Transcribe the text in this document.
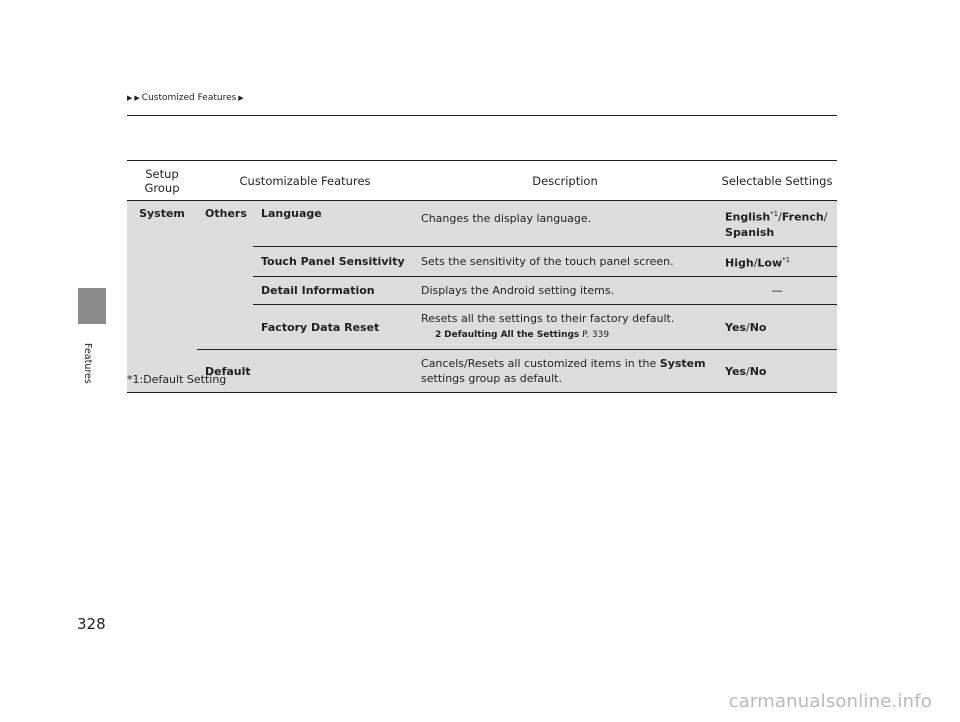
Features
▶ ▶ Customized Features ▶
Setup
Group	Customizable Features		Description	Selectable Settings
System	Others	Language	Changes the display language.	English$^{*1}$/French/
Spanish
		Touch Panel Sensitivity	Sets the sensitivity of the touch panel screen.	High/Low$^{*1}$
		Detail Information	Displays the Android setting items.	—
		Factory Data Reset	Resets all the settings to their factory default.
2 Defaulting All the Settings P. 339	Yes/No
	Default		Cancels/Resets all customized items in the System
settings group as default.	Yes/No
*1:Default Setting
328
carmanualsonline.info
